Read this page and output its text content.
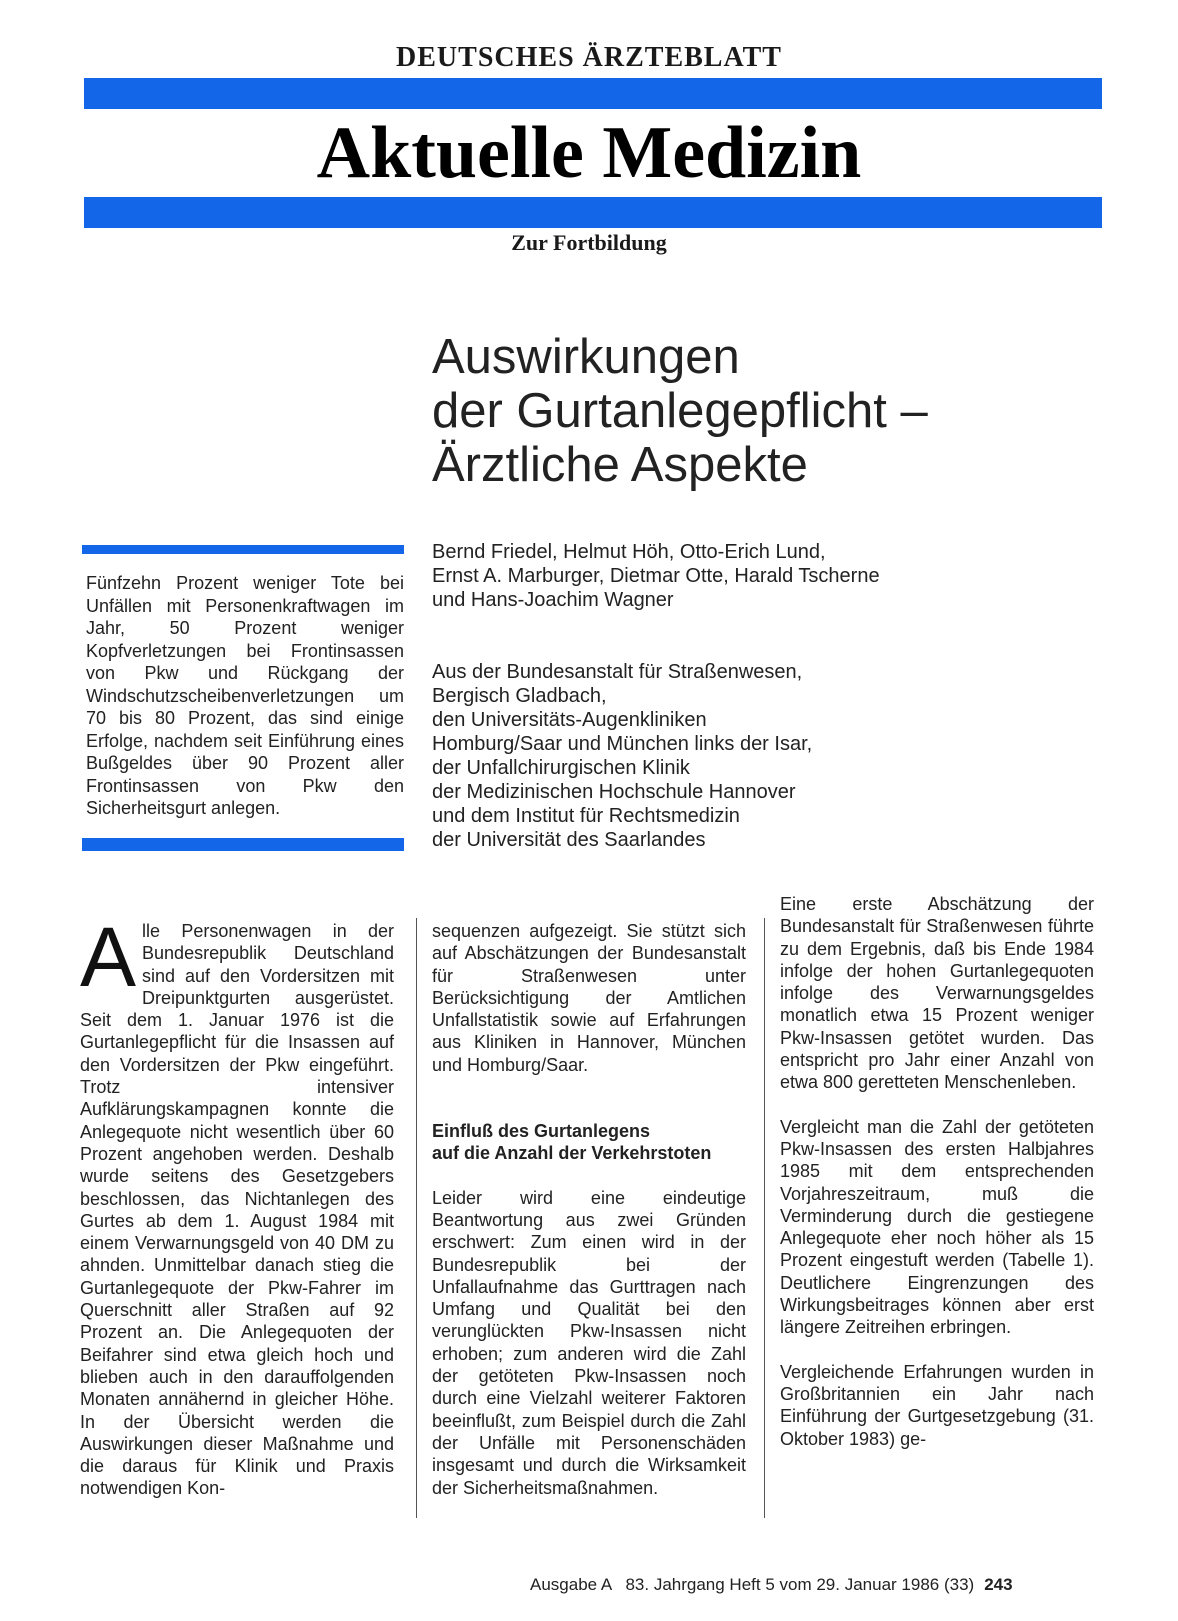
DEUTSCHES ÄRZTEBLATT
Aktuelle Medizin
Zur Fortbildung
Auswirkungen
der Gurtanlegepflicht –
Ärztliche Aspekte
Bernd Friedel, Helmut Höh, Otto-Erich Lund,
Ernst A. Marburger, Dietmar Otte, Harald Tscherne
und Hans-Joachim Wagner
Aus der Bundesanstalt für Straßenwesen,
Bergisch Gladbach,
den Universitäts-Augenkliniken
Homburg/Saar und München links der Isar,
der Unfallchirurgischen Klinik
der Medizinischen Hochschule Hannover
und dem Institut für Rechtsmedizin
der Universität des Saarlandes
Fünfzehn Prozent weniger Tote bei Unfällen mit Personenkraftwagen im Jahr, 50 Prozent weniger Kopfverletzungen bei Frontinsassen von Pkw und Rückgang der Windschutzscheibenverletzungen um 70 bis 80 Prozent, das sind einige Erfolge, nachdem seit Einführung eines Bußgeldes über 90 Prozent aller Frontinsassen von Pkw den Sicherheitsgurt anlegen.

Alle Personenwagen in der Bundesrepublik Deutschland sind auf den Vordersitzen mit Dreipunktgurten ausgerüstet. Seit dem 1. Januar 1976 ist die Gurtanlegepflicht für die Insassen auf den Vordersitzen der Pkw eingeführt. Trotz intensiver Aufklärungskampagnen konnte die Anlegequote nicht wesentlich über 60 Prozent angehoben werden. Deshalb wurde seitens des Gesetzgebers beschlossen, das Nichtanlegen des Gurtes ab dem 1. August 1984 mit einem Verwarnungsgeld von 40 DM zu ahnden. Unmittelbar danach stieg die Gurtanlegequote der Pkw-Fahrer im Querschnitt aller Straßen auf 92 Prozent an. Die Anlegequoten der Beifahrer sind etwa gleich hoch und blieben auch in den darauffolgenden Monaten annähernd in gleicher Höhe. In der Übersicht werden die Auswirkungen dieser Maßnahme und die daraus für Klinik und Praxis notwendigen Kon-

sequenzen aufgezeigt. Sie stützt sich auf Abschätzungen der Bundesanstalt für Straßenwesen unter Berücksichtigung der Amtlichen Unfallstatistik sowie auf Erfahrungen aus Kliniken in Hannover, München und Homburg/Saar.

Einfluß des Gurtanlegens
auf die Anzahl der Verkehrstoten

Leider wird eine eindeutige Beantwortung aus zwei Gründen erschwert: Zum einen wird in der Bundesrepublik bei der Unfallaufnahme das Gurttragen nach Umfang und Qualität bei den verunglückten Pkw-Insassen nicht erhoben; zum anderen wird die Zahl der getöteten Pkw-Insassen noch durch eine Vielzahl weiterer Faktoren beeinflußt, zum Beispiel durch die Zahl der Unfälle mit Personenschäden insgesamt und durch die Wirksamkeit der Sicherheitsmaßnahmen.

Eine erste Abschätzung der Bundesanstalt für Straßenwesen führte zu dem Ergebnis, daß bis Ende 1984 infolge der hohen Gurtanlegequoten infolge des Verwarnungsgeldes monatlich etwa 15 Prozent weniger Pkw-Insassen getötet wurden. Das entspricht pro Jahr einer Anzahl von etwa 800 geretteten Menschenleben.

Vergleicht man die Zahl der getöteten Pkw-Insassen des ersten Halbjahres 1985 mit dem entsprechenden Vorjahreszeitraum, muß die Verminderung durch die gestiegene Anlegequote eher noch höher als 15 Prozent eingestuft werden (Tabelle 1). Deutlichere Eingrenzungen des Wirkungsbeitrages können aber erst längere Zeitreihen erbringen.

Vergleichende Erfahrungen wurden in Großbritannien ein Jahr nach Einführung der Gurtgesetzgebung (31. Oktober 1983) ge-

Ausgabe A   83. Jahrgang Heft 5 vom 29. Januar 1986 (33) 243
